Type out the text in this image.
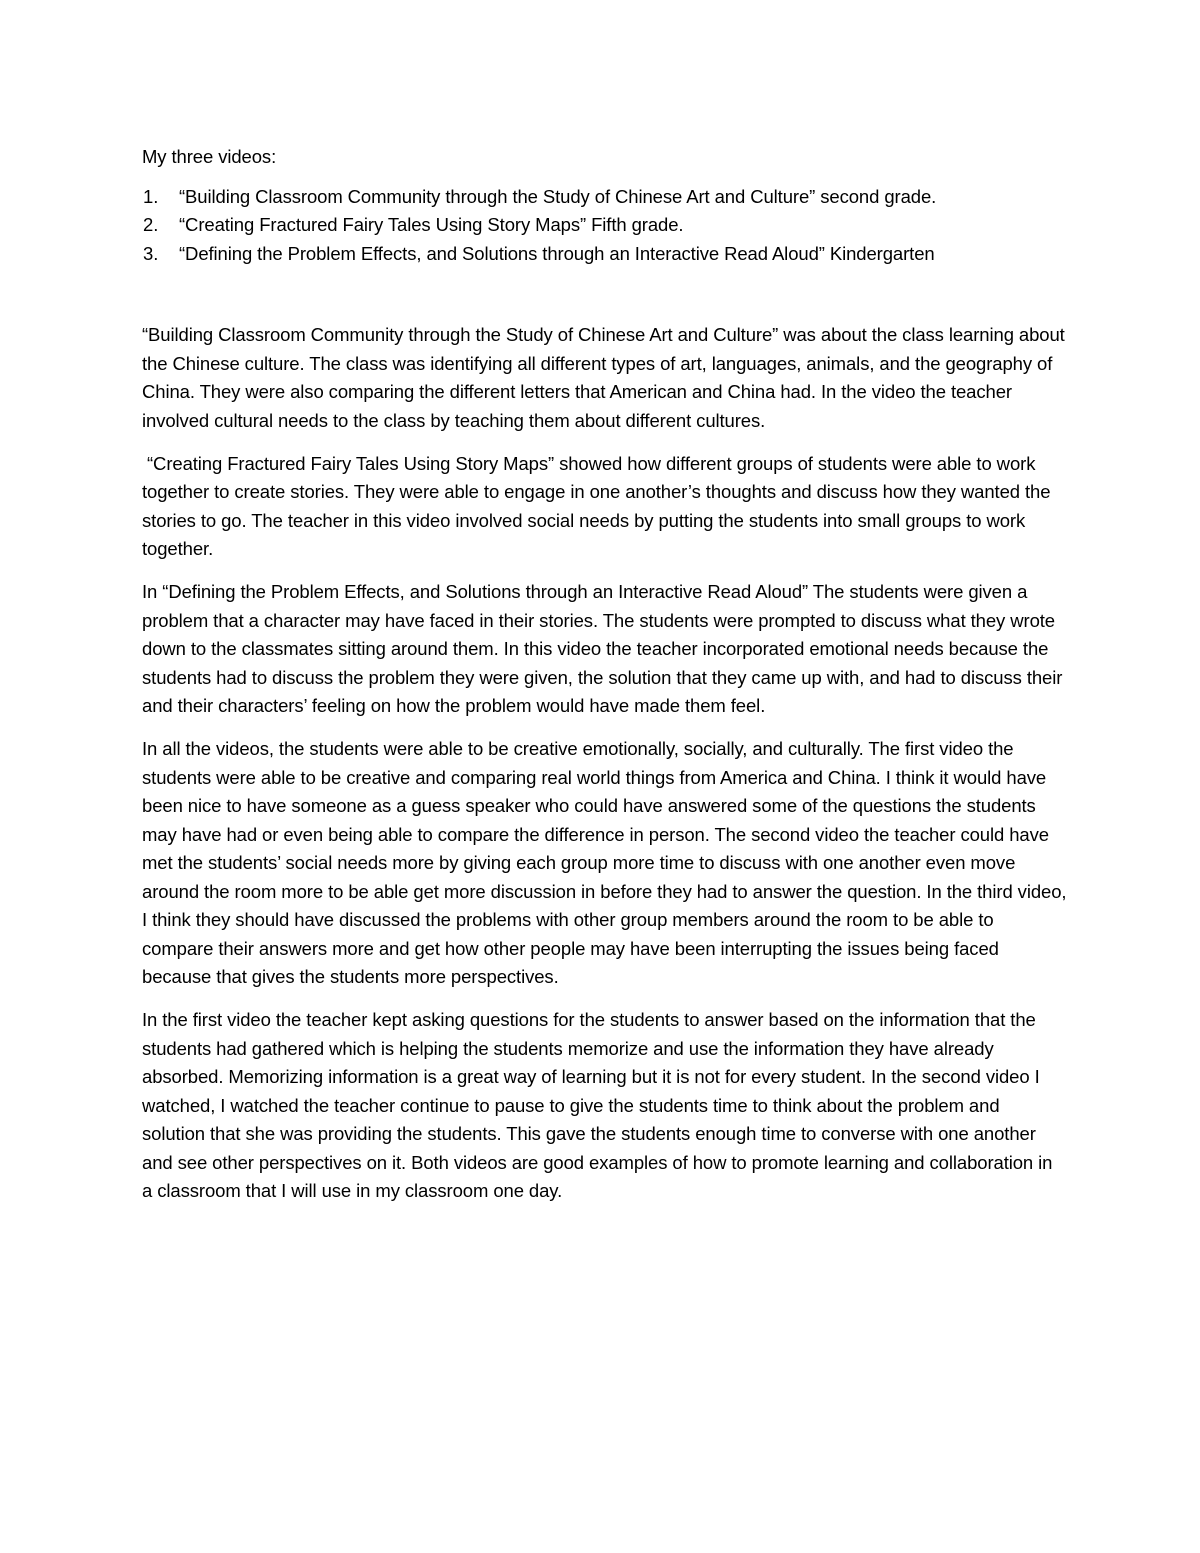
My three videos:

1.	“Building Classroom Community through the Study of Chinese Art and Culture” second grade.
2.	“Creating Fractured Fairy Tales Using Story Maps” Fifth grade.
3.	“Defining the Problem Effects, and Solutions through an Interactive Read Aloud” Kindergarten

“Building Classroom Community through the Study of Chinese Art and Culture” was about the class learning about the Chinese culture. The class was identifying all different types of art, languages, animals, and the geography of China. They were also comparing the different letters that American and China had. In the video the teacher involved cultural needs to the class by teaching them about different cultures.

“Creating Fractured Fairy Tales Using Story Maps” showed how different groups of students were able to work together to create stories. They were able to engage in one another’s thoughts and discuss how they wanted the stories to go. The teacher in this video involved social needs by putting the students into small groups to work together.

In “Defining the Problem Effects, and Solutions through an Interactive Read Aloud” The students were given a problem that a character may have faced in their stories. The students were prompted to discuss what they wrote down to the classmates sitting around them. In this video the teacher incorporated emotional needs because the students had to discuss the problem they were given, the solution that they came up with, and had to discuss their and their characters’ feeling on how the problem would have made them feel.

In all the videos, the students were able to be creative emotionally, socially, and culturally. The first video the students were able to be creative and comparing real world things from America and China. I think it would have been nice to have someone as a guess speaker who could have answered some of the questions the students may have had or even being able to compare the difference in person. The second video the teacher could have met the students’ social needs more by giving each group more time to discuss with one another even move around the room more to be able get more discussion in before they had to answer the question. In the third video, I think they should have discussed the problems with other group members around the room to be able to compare their answers more and get how other people may have been interrupting the issues being faced because that gives the students more perspectives.

In the first video the teacher kept asking questions for the students to answer based on the information that the students had gathered which is helping the students memorize and use the information they have already absorbed. Memorizing information is a great way of learning but it is not for every student. In the second video I watched, I watched the teacher continue to pause to give the students time to think about the problem and solution that she was providing the students. This gave the students enough time to converse with one another and see other perspectives on it. Both videos are good examples of how to promote learning and collaboration in a classroom that I will use in my classroom one day.
